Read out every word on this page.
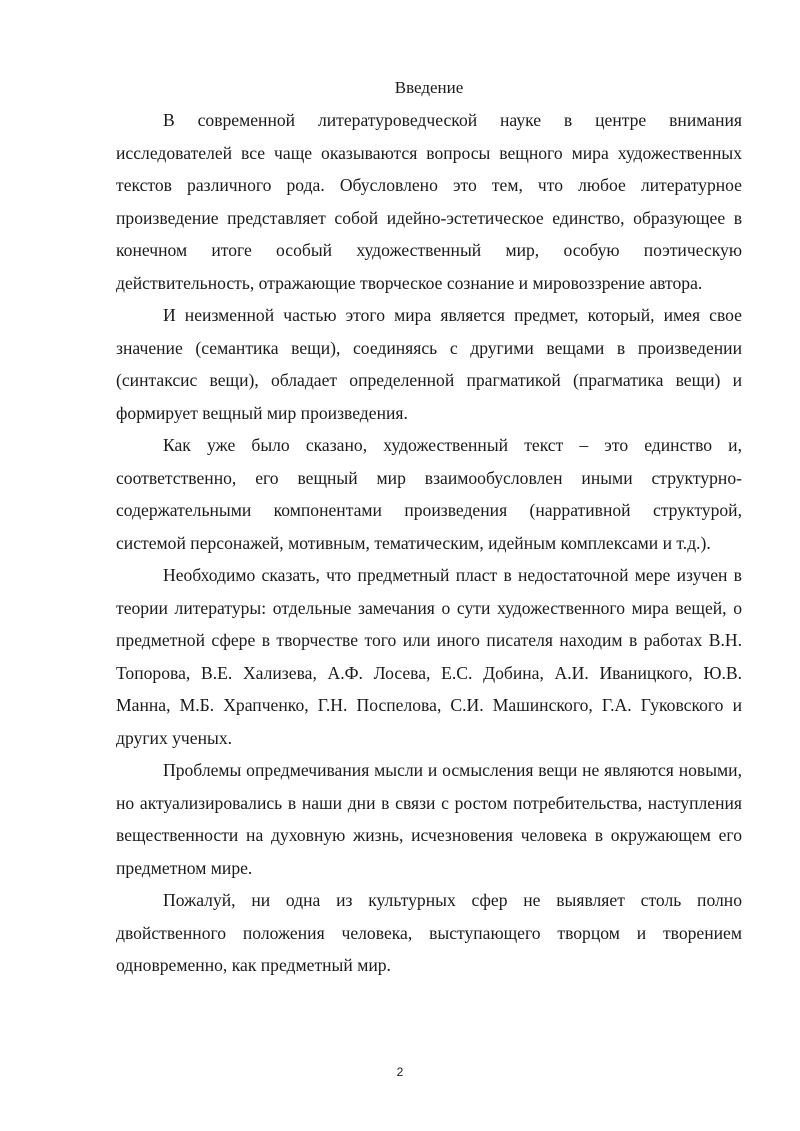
Введение

В современной литературоведческой науке в центре внимания исследователей все чаще оказываются вопросы вещного мира художественных текстов различного рода. Обусловлено это тем, что любое литературное произведение представляет собой идейно-эстетическое единство, образующее в конечном итоге особый художественный мир, особую поэтическую действительность, отражающие творческое сознание и мировоззрение автора.

И неизменной частью этого мира является предмет, который, имея свое значение (семантика вещи), соединяясь с другими вещами в произведении (синтаксис вещи), обладает определенной прагматикой (прагматика вещи) и формирует вещный мир произведения.

Как уже было сказано, художественный текст – это единство и, соответственно, его вещный мир взаимообусловлен иными структурно-содержательными компонентами произведения (нарративной структурой, системой персонажей, мотивным, тематическим, идейным комплексами и т.д.).

Необходимо сказать, что предметный пласт в недостаточной мере изучен в теории литературы: отдельные замечания о сути художественного мира вещей, о предметной сфере в творчестве того или иного писателя находим в работах В.Н. Топорова, В.Е. Хализева, А.Ф. Лосева, Е.С. Добина, А.И. Иваницкого, Ю.В. Манна, М.Б. Храпченко, Г.Н. Поспелова, С.И. Машинского, Г.А. Гуковского и других ученых.

Проблемы опредмечивания мысли и осмысления вещи не являются новыми, но актуализировались в наши дни в связи с ростом потребительства, наступления вещественности на духовную жизнь, исчезновения человека в окружающем его предметном мире.

Пожалуй, ни одна из культурных сфер не выявляет столь полно двойственного положения человека, выступающего творцом и творением одновременно, как предметный мир.

2
